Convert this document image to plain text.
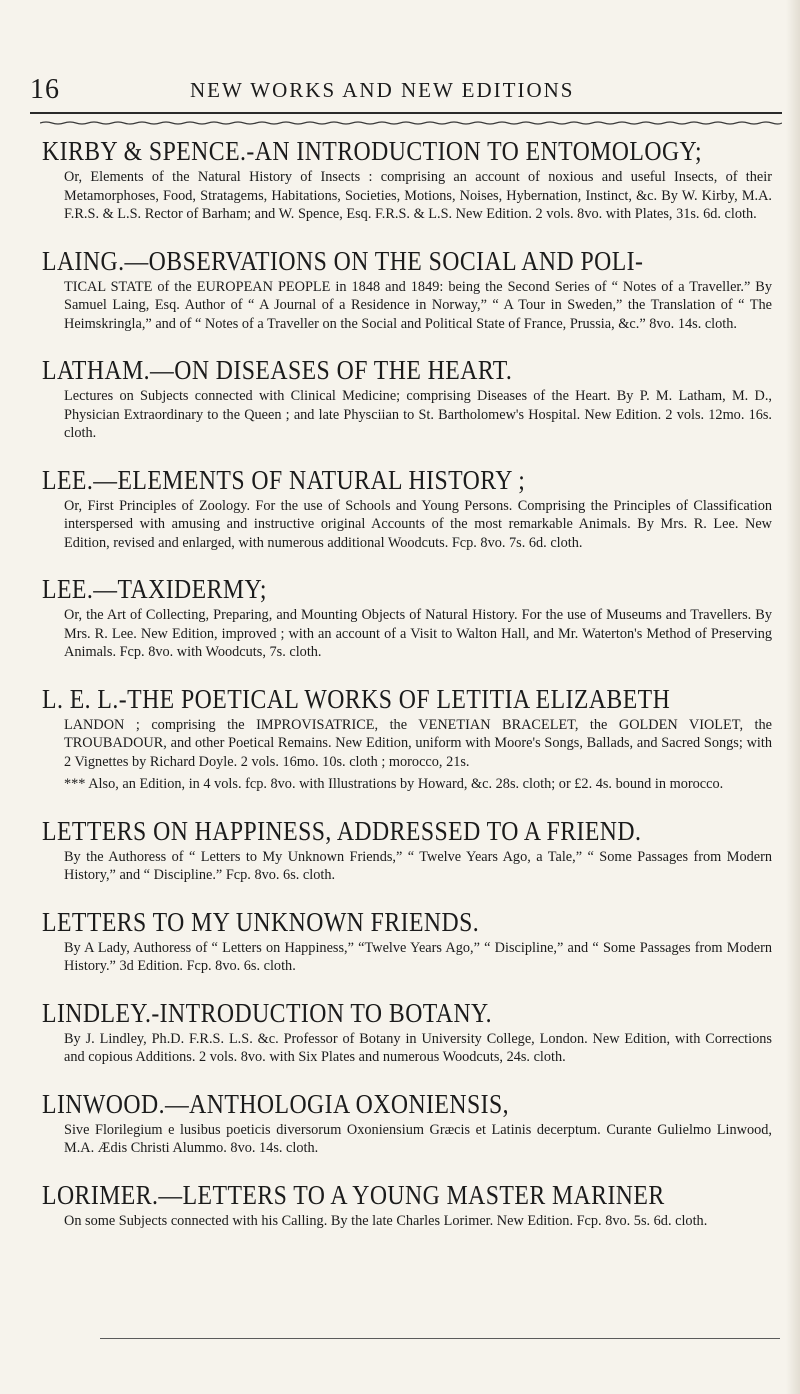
16	NEW WORKS AND NEW EDITIONS
KIRBY & SPENCE.-AN INTRODUCTION TO ENTOMOLOGY;

Or, Elements of the Natural History of Insects : comprising an account of noxious and useful Insects, of their Metamorphoses, Food, Stratagems, Habitations, Societies, Motions, Noises, Hybernation, Instinct, &c. By W. Kirby, M.A. F.R.S. & L.S. Rector of Barham; and W. Spence, Esq. F.R.S. & L.S. New Edition. 2 vols. 8vo. with Plates, 31s. 6d. cloth.

LAING.—OBSERVATIONS ON THE SOCIAL AND POLI-

TICAL STATE of the EUROPEAN PEOPLE in 1848 and 1849: being the Second Series of “ Notes of a Traveller.” By Samuel Laing, Esq. Author of “ A Journal of a Residence in Norway,” “ A Tour in Sweden,” the Translation of “ The Heimskringla,” and of “ Notes of a Traveller on the Social and Political State of France, Prussia, &c.” 8vo. 14s. cloth.

LATHAM.—ON DISEASES OF THE HEART.

Lectures on Subjects connected with Clinical Medicine; comprising Diseases of the Heart. By P. M. Latham, M. D., Physician Extraordinary to the Queen ; and late Physciian to St. Bartholomew's Hospital. New Edition. 2 vols. 12mo. 16s. cloth.

LEE.—ELEMENTS OF NATURAL HISTORY ;

Or, First Principles of Zoology. For the use of Schools and Young Persons. Comprising the Principles of Classification interspersed with amusing and instructive original Accounts of the most remarkable Animals. By Mrs. R. Lee. New Edition, revised and enlarged, with numerous additional Woodcuts. Fcp. 8vo. 7s. 6d. cloth.

LEE.—TAXIDERMY;

Or, the Art of Collecting, Preparing, and Mounting Objects of Natural History. For the use of Museums and Travellers. By Mrs. R. Lee. New Edition, improved ; with an account of a Visit to Walton Hall, and Mr. Waterton's Method of Preserving Animals. Fcp. 8vo. with Woodcuts, 7s. cloth.

L. E. L.-THE POETICAL WORKS OF LETITIA ELIZABETH

LANDON ; comprising the IMPROVISATRICE, the VENETIAN BRACELET, the GOLDEN VIOLET, the TROUBADOUR, and other Poetical Remains. New Edition, uniform with Moore's Songs, Ballads, and Sacred Songs; with 2 Vignettes by Richard Doyle. 2 vols. 16mo. 10s. cloth ; morocco, 21s.

*** Also, an Edition, in 4 vols. fcp. 8vo. with Illustrations by Howard, &c. 28s. cloth; or £2. 4s. bound in morocco.

LETTERS ON HAPPINESS, ADDRESSED TO A FRIEND.

By the Authoress of “ Letters to My Unknown Friends,” “ Twelve Years Ago, a Tale,” “ Some Passages from Modern History,” and “ Discipline.” Fcp. 8vo. 6s. cloth.

LETTERS TO MY UNKNOWN FRIENDS.

By A Lady, Authoress of “ Letters on Happiness,” “Twelve Years Ago,” “ Discipline,” and “ Some Passages from Modern History.” 3d Edition. Fcp. 8vo. 6s. cloth.

LINDLEY.-INTRODUCTION TO BOTANY.

By J. Lindley, Ph.D. F.R.S. L.S. &c. Professor of Botany in University College, London. New Edition, with Corrections and copious Additions. 2 vols. 8vo. with Six Plates and numerous Woodcuts, 24s. cloth.

LINWOOD.—ANTHOLOGIA OXONIENSIS,

Sive Florilegium e lusibus poeticis diversorum Oxoniensium Græcis et Latinis decerptum. Curante Gulielmo Linwood, M.A. Ædis Christi Alummo. 8vo. 14s. cloth.

LORIMER.—LETTERS TO A YOUNG MASTER MARINER

On some Subjects connected with his Calling. By the late Charles Lorimer. New Edition. Fcp. 8vo. 5s. 6d. cloth.
